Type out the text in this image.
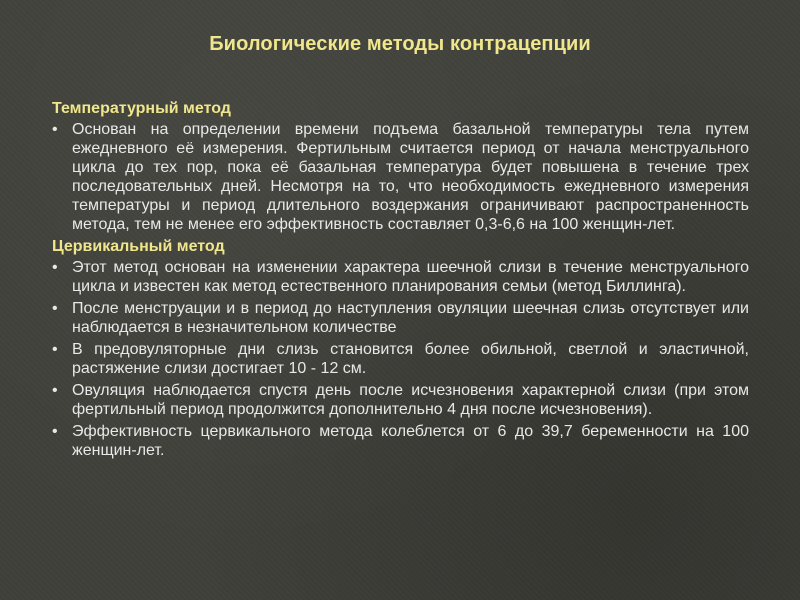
Биологические методы контрацепции
Температурный метод
• Основан на определении времени подъема базальной температуры тела путем ежедневного её измерения. Фертильным считается период от начала менструального цикла до тех пор, пока её базальная температура будет повышена в течение трех последовательных дней. Несмотря на то, что необходимость ежедневного измерения температуры и период длительного воздержания ограничивают распространенность метода, тем не менее его эффективность составляет 0,3-6,6 на 100 женщин-лет.
Цервикальный метод
• Этот метод основан на изменении характера шеечной слизи в течение менструального цикла и известен как метод естественного планирования семьи (метод Биллинга).
• После менструации и в период до наступления овуляции шеечная слизь отсутствует или наблюдается в незначительном количестве
• В предовуляторные дни слизь становится более обильной, светлой и эластичной, растяжение слизи достигает 10 - 12 см.
• Овуляция наблюдается спустя день после исчезновения характерной слизи (при этом фертильный период продолжится дополнительно 4 дня после исчезновения).
• Эффективность цервикального метода колеблется от 6 до 39,7 беременности на 100 женщин-лет.
